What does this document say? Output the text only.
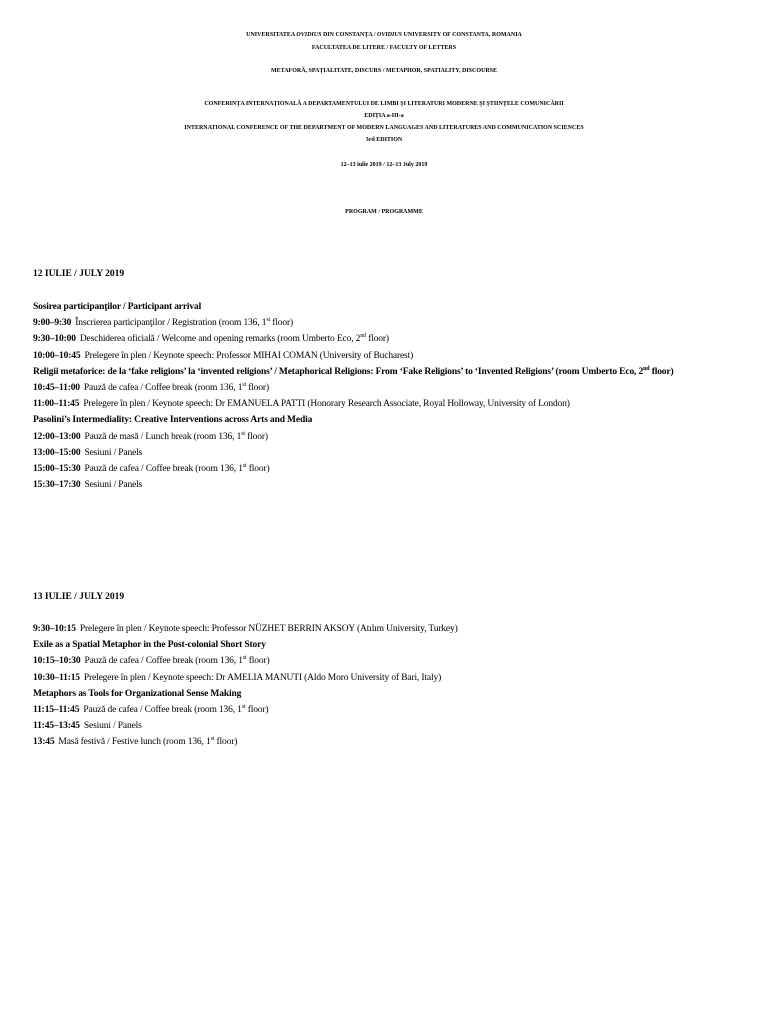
UNIVERSITATEA OVIDIUS DIN CONSTANŢA / OVIDIUS UNIVERSITY OF CONSTANTA, ROMANIA
FACULTATEA DE LITERE / FACULTY OF LETTERS
METAFORĂ, SPAŢIALITATE, DISCURS / METAPHOR, SPATIALITY, DISCOURSE
CONFERINŢA INTERNAŢIONALĂ A DEPARTAMENTULUI DE LIMBI ŞI LITERATURI MODERNE ŞI ŞTIINŢELE COMUNICĂRII
EDIŢIA a-III-a
INTERNATIONAL CONFERENCE OF THE DEPARTMENT OF MODERN LANGUAGES AND LITERATURES AND COMMUNICATION SCIENCES
3rd EDITION
12–13 iulie 2019 / 12–13 July 2019
PROGRAM / PROGRAMME
12 IULIE / JULY 2019
Sosirea participanţilor / Participant arrival
9:00–9:30 Înscrierea participanţilor / Registration (room 136, 1st floor)
9:30–10:00 Deschiderea oficială / Welcome and opening remarks (room Umberto Eco, 2nd floor)
10:00–10:45 Prelegere în plen / Keynote speech: Professor MIHAI COMAN (University of Bucharest)
Religii metaforice: de la ‘fake religions’ la ‘invented religions’ / Metaphorical Religions: From ‘Fake Religions’ to ‘Invented Religions’ (room Umberto Eco, 2nd floor)
10:45–11:00 Pauză de cafea / Coffee break (room 136, 1st floor)
11:00–11:45 Prelegere în plen / Keynote speech: Dr EMANUELA PATTI (Honorary Research Associate, Royal Holloway, University of London)
Pasolini’s Intermediality: Creative Interventions across Arts and Media
12:00–13:00 Pauză de masă / Lunch break (room 136, 1st floor)
13:00–15:00 Sesiuni / Panels
15:00–15:30 Pauză de cafea / Coffee break (room 136, 1st floor)
15:30–17:30 Sesiuni / Panels
13 IULIE / JULY 2019
9:30–10:15 Prelegere în plen / Keynote speech: Professor NÜZHET BERRIN AKSOY (Atılım University, Turkey)
Exile as a Spatial Metaphor in the Post-colonial Short Story
10:15–10:30 Pauză de cafea / Coffee break (room 136, 1st floor)
10:30–11:15 Prelegere în plen / Keynote speech: Dr AMELIA MANUTI (Aldo Moro University of Bari, Italy)
Metaphors as Tools for Organizational Sense Making
11:15–11:45 Pauză de cafea / Coffee break (room 136, 1st floor)
11:45–13:45 Sesiuni / Panels
13:45 Masă festivă / Festive lunch (room 136, 1st floor)
